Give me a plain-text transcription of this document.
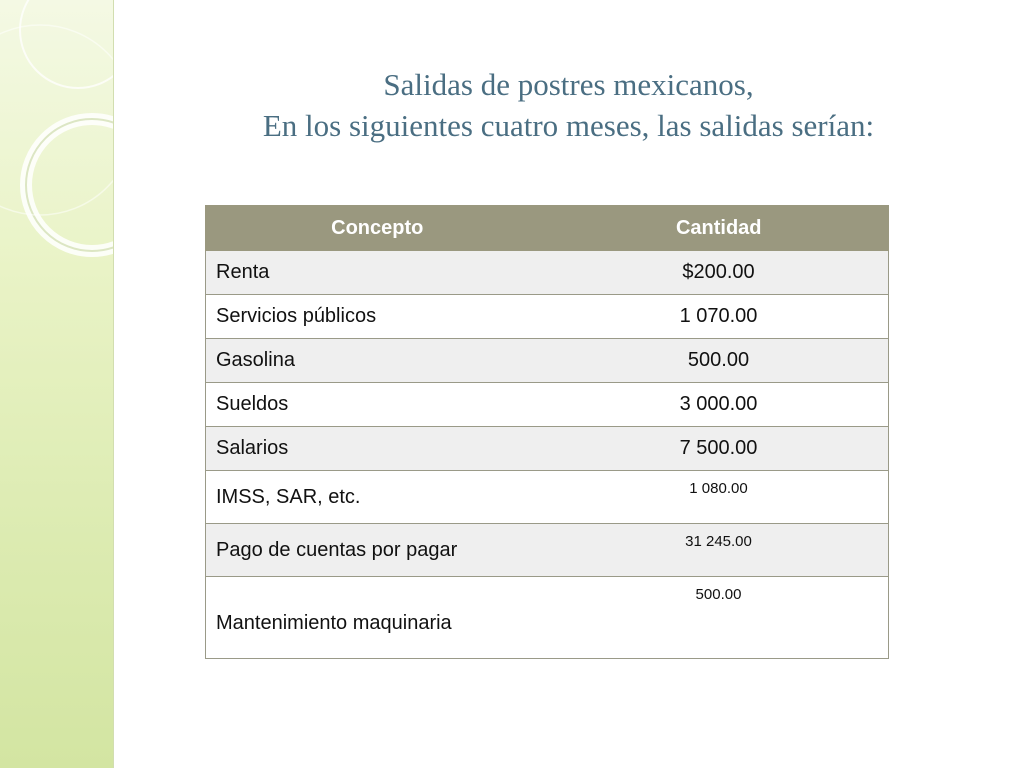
Salidas de postres mexicanos,
En los siguientes cuatro meses, las salidas serían:
Concepto	Cantidad
Renta	$200.00
Servicios públicos	1 070.00
Gasolina	500.00
Sueldos	3 000.00
Salarios	7 500.00
IMSS, SAR, etc.	1 080.00
Pago de cuentas por pagar	31 245.00
Mantenimiento maquinaria	500.00
